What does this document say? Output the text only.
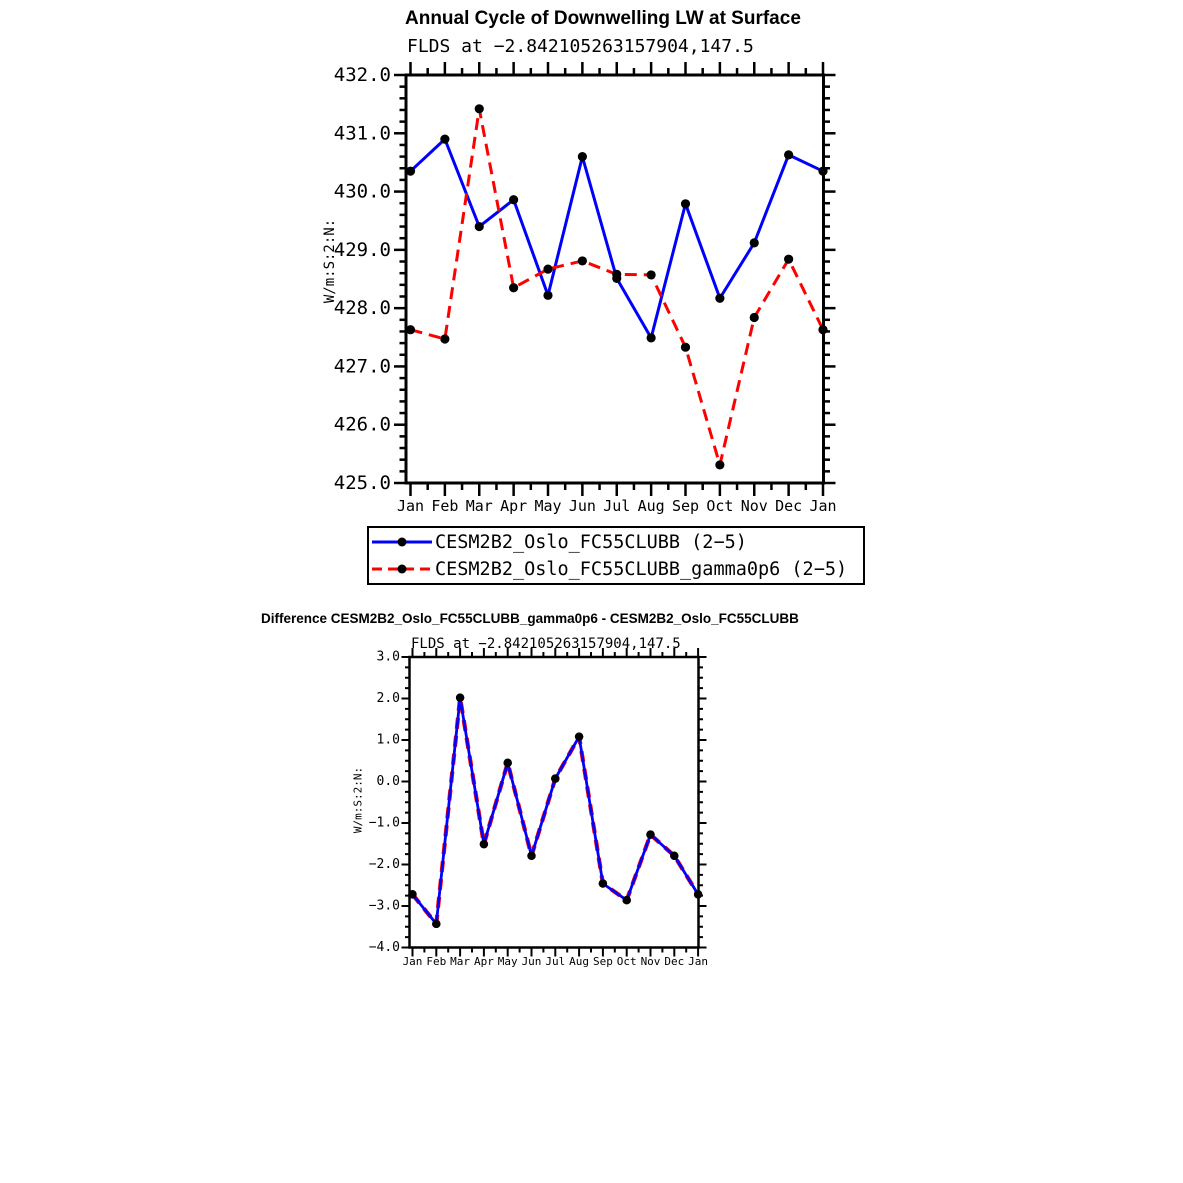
Jan Feb Mar Apr May Jun Jul Aug Sep Oct Nov Dec Jan
425.0
426.0
427.0
428.0
429.0
430.0
431.0
432.0
W/m:S:2:N:
Jan Feb Mar Apr May Jun Jul Aug Sep Oct Nov Dec Jan
−4.0
−3.0
−2.0
−1.0
0.0
1.0
2.0
3.0
W/m:S:2:N:
Annual Cycle of Downwelling LW at Surface
FLDS at −2.842105263157904,147.5
CESM2B2_Oslo_FC55CLUBB (2−5)
CESM2B2_Oslo_FC55CLUBB_gamma0p6 (2−5)
Difference CESM2B2_Oslo_FC55CLUBB_gamma0p6 - CESM2B2_Oslo_FC55CLUBB
FLDS at −2.842105263157904,147.5
